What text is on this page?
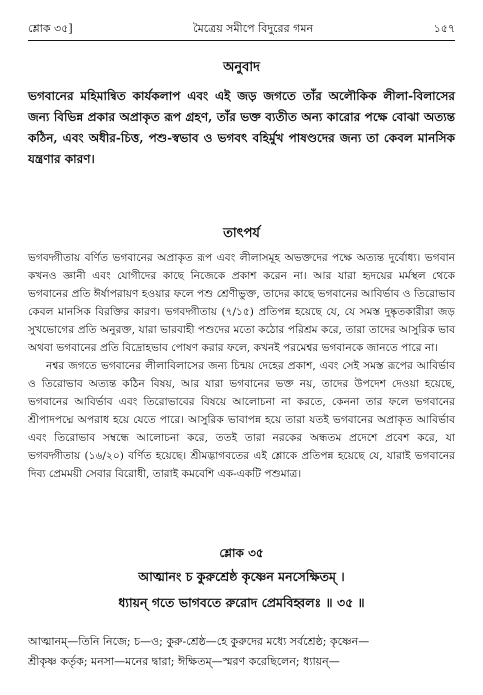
শ্লোক ৩৫]	মৈত্রেয় সমীপে বিদুরের গমন	১৫৭
অনুবাদ
ভগবানের মহিমান্বিত কার্যকলাপ এবং এই জড় জগতে তাঁর অলৌকিক লীলা-বিলাসের জন্য বিভিন্ন প্রকার অপ্রাকৃত রূপ গ্রহণ, তাঁর ভক্ত ব্যতীত অন্য কারোর পক্ষে বোঝা অত্যন্ত কঠিন, এবং অধীর-চিত্ত, পশু-স্বভাব ও ভগবৎ বহির্মুখ পাষণ্ডদের জন্য তা কেবল মানসিক যন্ত্রণার কারণ।
তাৎপর্য

ভগবদ্গীতায় বর্ণিত ভগবানের অপ্রাকৃত রূপ এবং লীলাসমূহ অভক্তদের পক্ষে অত্যন্ত দুর্বোধ্য। ভগবান কখনও জ্ঞানী এবং যোগীদের কাছে নিজেকে প্রকাশ করেন না। আর যারা হৃদয়ের মর্মস্থল থেকে ভগবানের প্রতি ঈর্ষাপরায়ণ হওয়ার ফলে পশু শ্রেণীভুক্ত, তাদের কাছে ভগবানের আবির্ভাব ও তিরোভাব কেবল মানসিক বিরক্তির কারণ। ভগবদ্গীতায় (৭/১৫) প্রতিপন্ন হয়েছে যে, যে সমস্ত দুষ্কৃতকারীরা জড় সুখভোগের প্রতি অনুরক্ত, যারা ভারবাহী পশুদের মতো কঠোর পরিশ্রম করে, তারা তাদের আসুরিক ভাব অথবা ভগবানের প্রতি বিদ্রোহভাব পোষণ করার ফলে, কখনই পরমেশ্বর ভগবানকে জানতে পারে না।

নশ্বর জগতে ভগবানের লীলাবিলাসের জন্য চিন্ময় দেহের প্রকাশ, এবং সেই সমস্ত রূপের আবির্ভাব ও তিরোভাব অত্যন্ত কঠিন বিষয়, আর যারা ভগবানের ভক্ত নয়, তাদের উপদেশ দেওয়া হয়েছে, ভগবানের আবির্ভাব এবং তিরোভাবের বিষয়ে আলোচনা না করতে, কেননা তার ফলে ভগবানের শ্রীপাদপদ্মে অপরাধ হয়ে যেতে পারে। আসুরিক ভাবাপন্ন হয়ে তারা যতই ভগবানের অপ্রাকৃত আবির্ভাব এবং তিরোভাব সম্বন্ধে আলোচনা করে, ততই তারা নরকের অন্ধতম প্রদেশে প্রবেশ করে, যা ভগবদ্গীতায় (১৬/২০) বর্ণিত হয়েছে। শ্রীমদ্ভাগবতের এই শ্লোকে প্রতিপন্ন হয়েছে যে, যারাই ভগবানের দিব্য প্রেমময়ী সেবার বিরোধী, তারাই কমবেশি এক-একটি পশুমাত্র।

শ্লোক ৩৫
আত্মানং চ কুরুশ্রেষ্ঠ কৃষ্ণেন মনসেক্ষিতম্ ।
ধ্যায়ন্ গতে ভাগবতে রুরোদ প্রেমবিহ্বলঃ ॥ ৩৫ ॥
আত্মানম্—তিনি নিজে; চ—ও; কুরু-শ্রেষ্ঠ—হে কুরুদের মধ্যে সর্বশ্রেষ্ঠ; কৃষ্ণেন—
শ্রীকৃষ্ণ কর্তৃক; মনসা—মনের দ্বারা; ঈক্ষিতম্—স্মরণ করেছিলেন; ধ্যায়ন্—
